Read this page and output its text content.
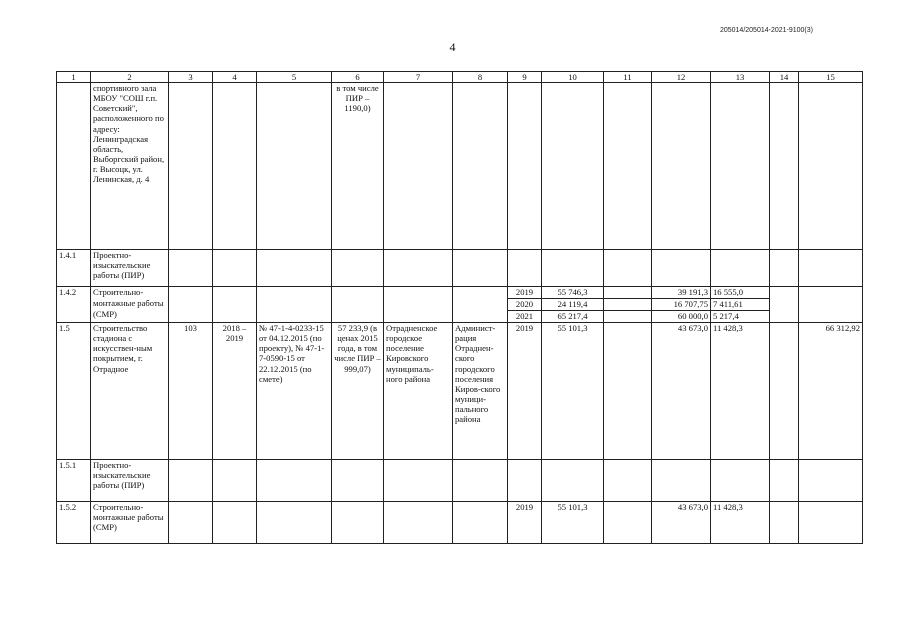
205014/205014-2021-9100(3)
4
1	2	3	4	5	6	7	8	9	10	11	12	13	14	15
	спортивного зала МБОУ "СОШ г.п. Советский", расположенного по адресу: Ленинградская область, Выборгский район, г. Высоцк, ул. Ленинская, д. 4				в том числе ПИР – 1190,0)									
1.4.1	Проектно-изыскательские работы (ПИР)													
1.4.2	Строительно-монтажные работы (СМР)							2019	55 746,3		39 191,3	16 555,0		
								2020	24 119,4		16 707,75	7 411,61		
								2021	65 217,4		60 000,0	5 217,4		
1.5	Строительство стадиона с искусствен-ным покрытием, г. Отрадное	103	2018 – 2019	№ 47-1-4-0233-15 от 04.12.2015 (по проекту), № 47-1-7-0590-15 от 22.12.2015 (по смете)	57 233,9 (в ценах 2015 года, в том числе ПИР – 999,07)	Отрадненское городское поселение Кировского муниципаль-ного района	Админист-рация Отраднен-ского городского поселения Киров-ского муници-пального района	2019	55 101,3		43 673,0	11 428,3		66 312,92
1.5.1	Проектно-изыскательские работы (ПИР)													
1.5.2	Строительно-монтажные работы (СМР)							2019	55 101,3		43 673,0	11 428,3		
